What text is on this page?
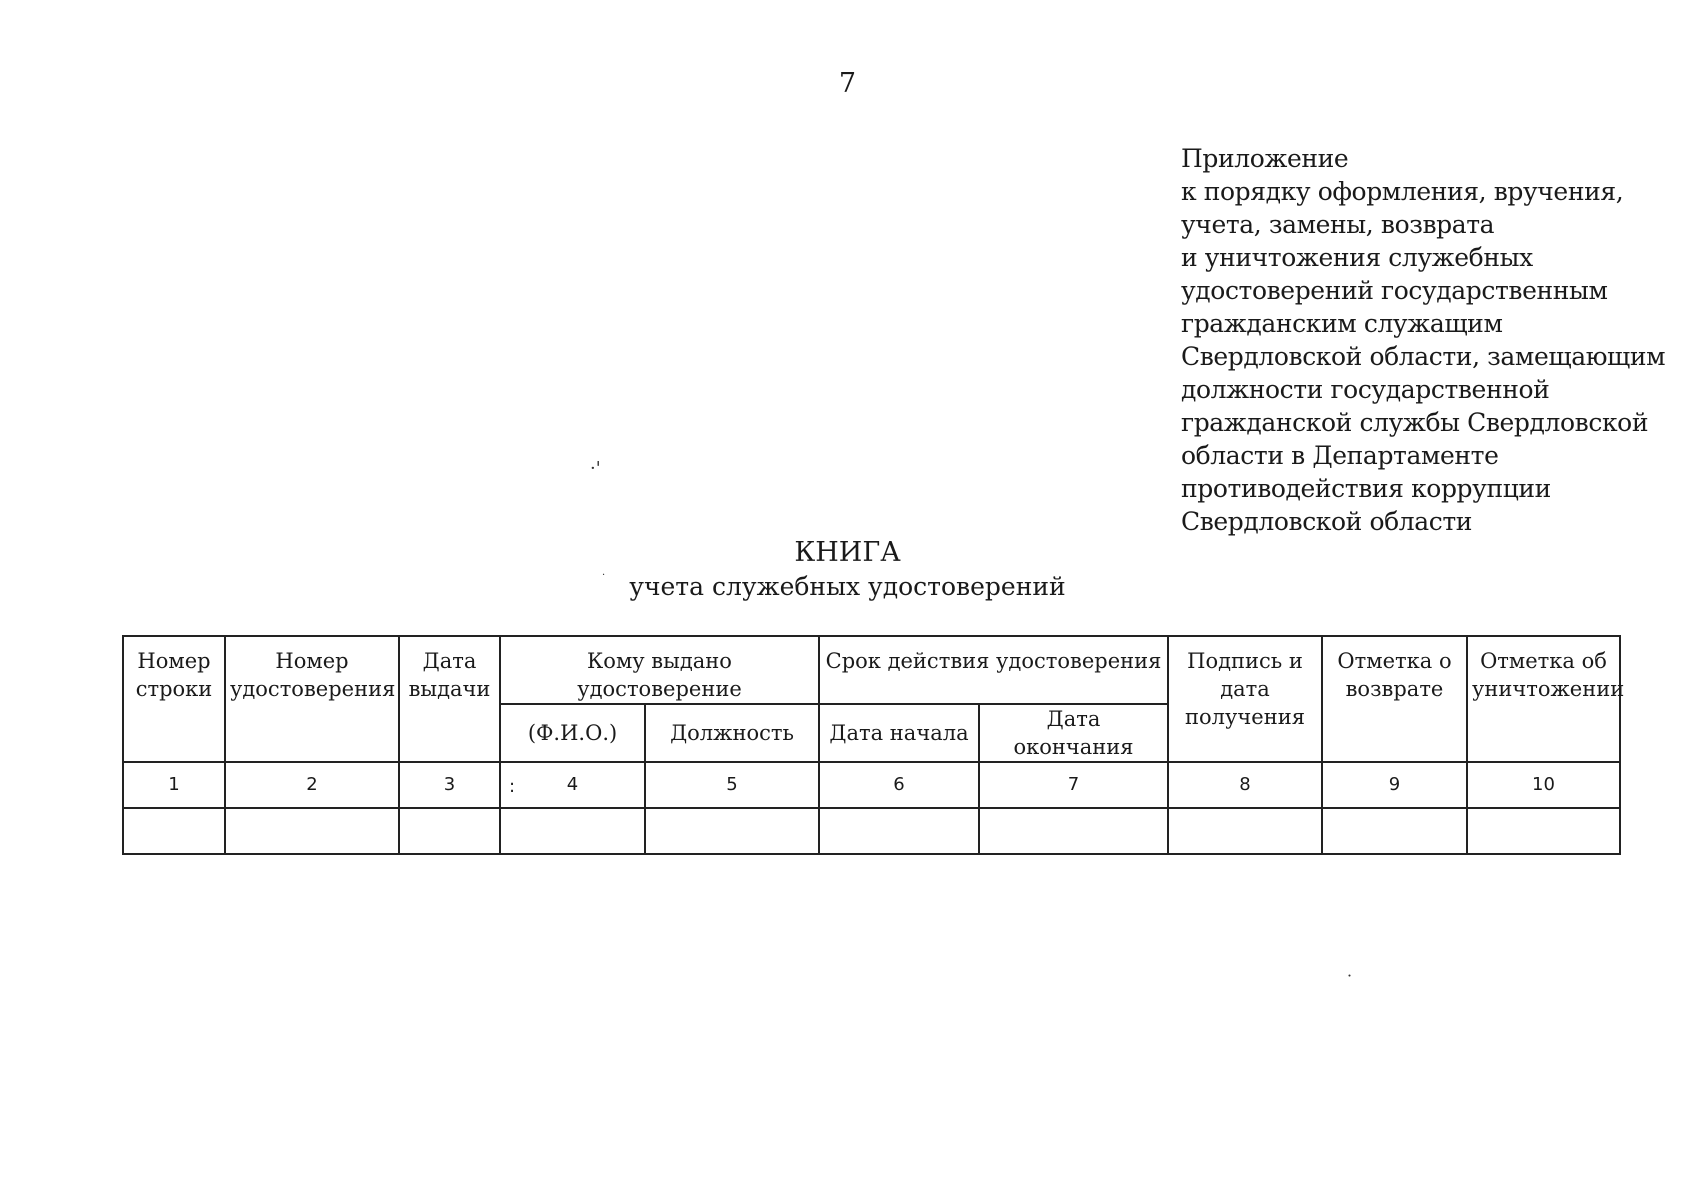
7
Приложение
к порядку оформления, вручения,
учета, замены, возврата
и уничтожения служебных
удостоверений государственным
гражданским служащим
Свердловской области, замещающим
должности государственной
гражданской службы Свердловской
области в Департаменте
противодействия коррупции
Свердловской области
·'
·
˙
КНИГА
учета служебных удостоверений
Номер строки	Номер удостоверения	Дата выдачи	Кому выдано удостоверение		Срок действия удостоверения		Подпись и дата получения	Отметка о возврате	Отметка об уничтожении
			(Ф.И.О.)	Должность	Дата начала	Дата окончания			
1	2	3	: 4	5	6	7	8	9	10
